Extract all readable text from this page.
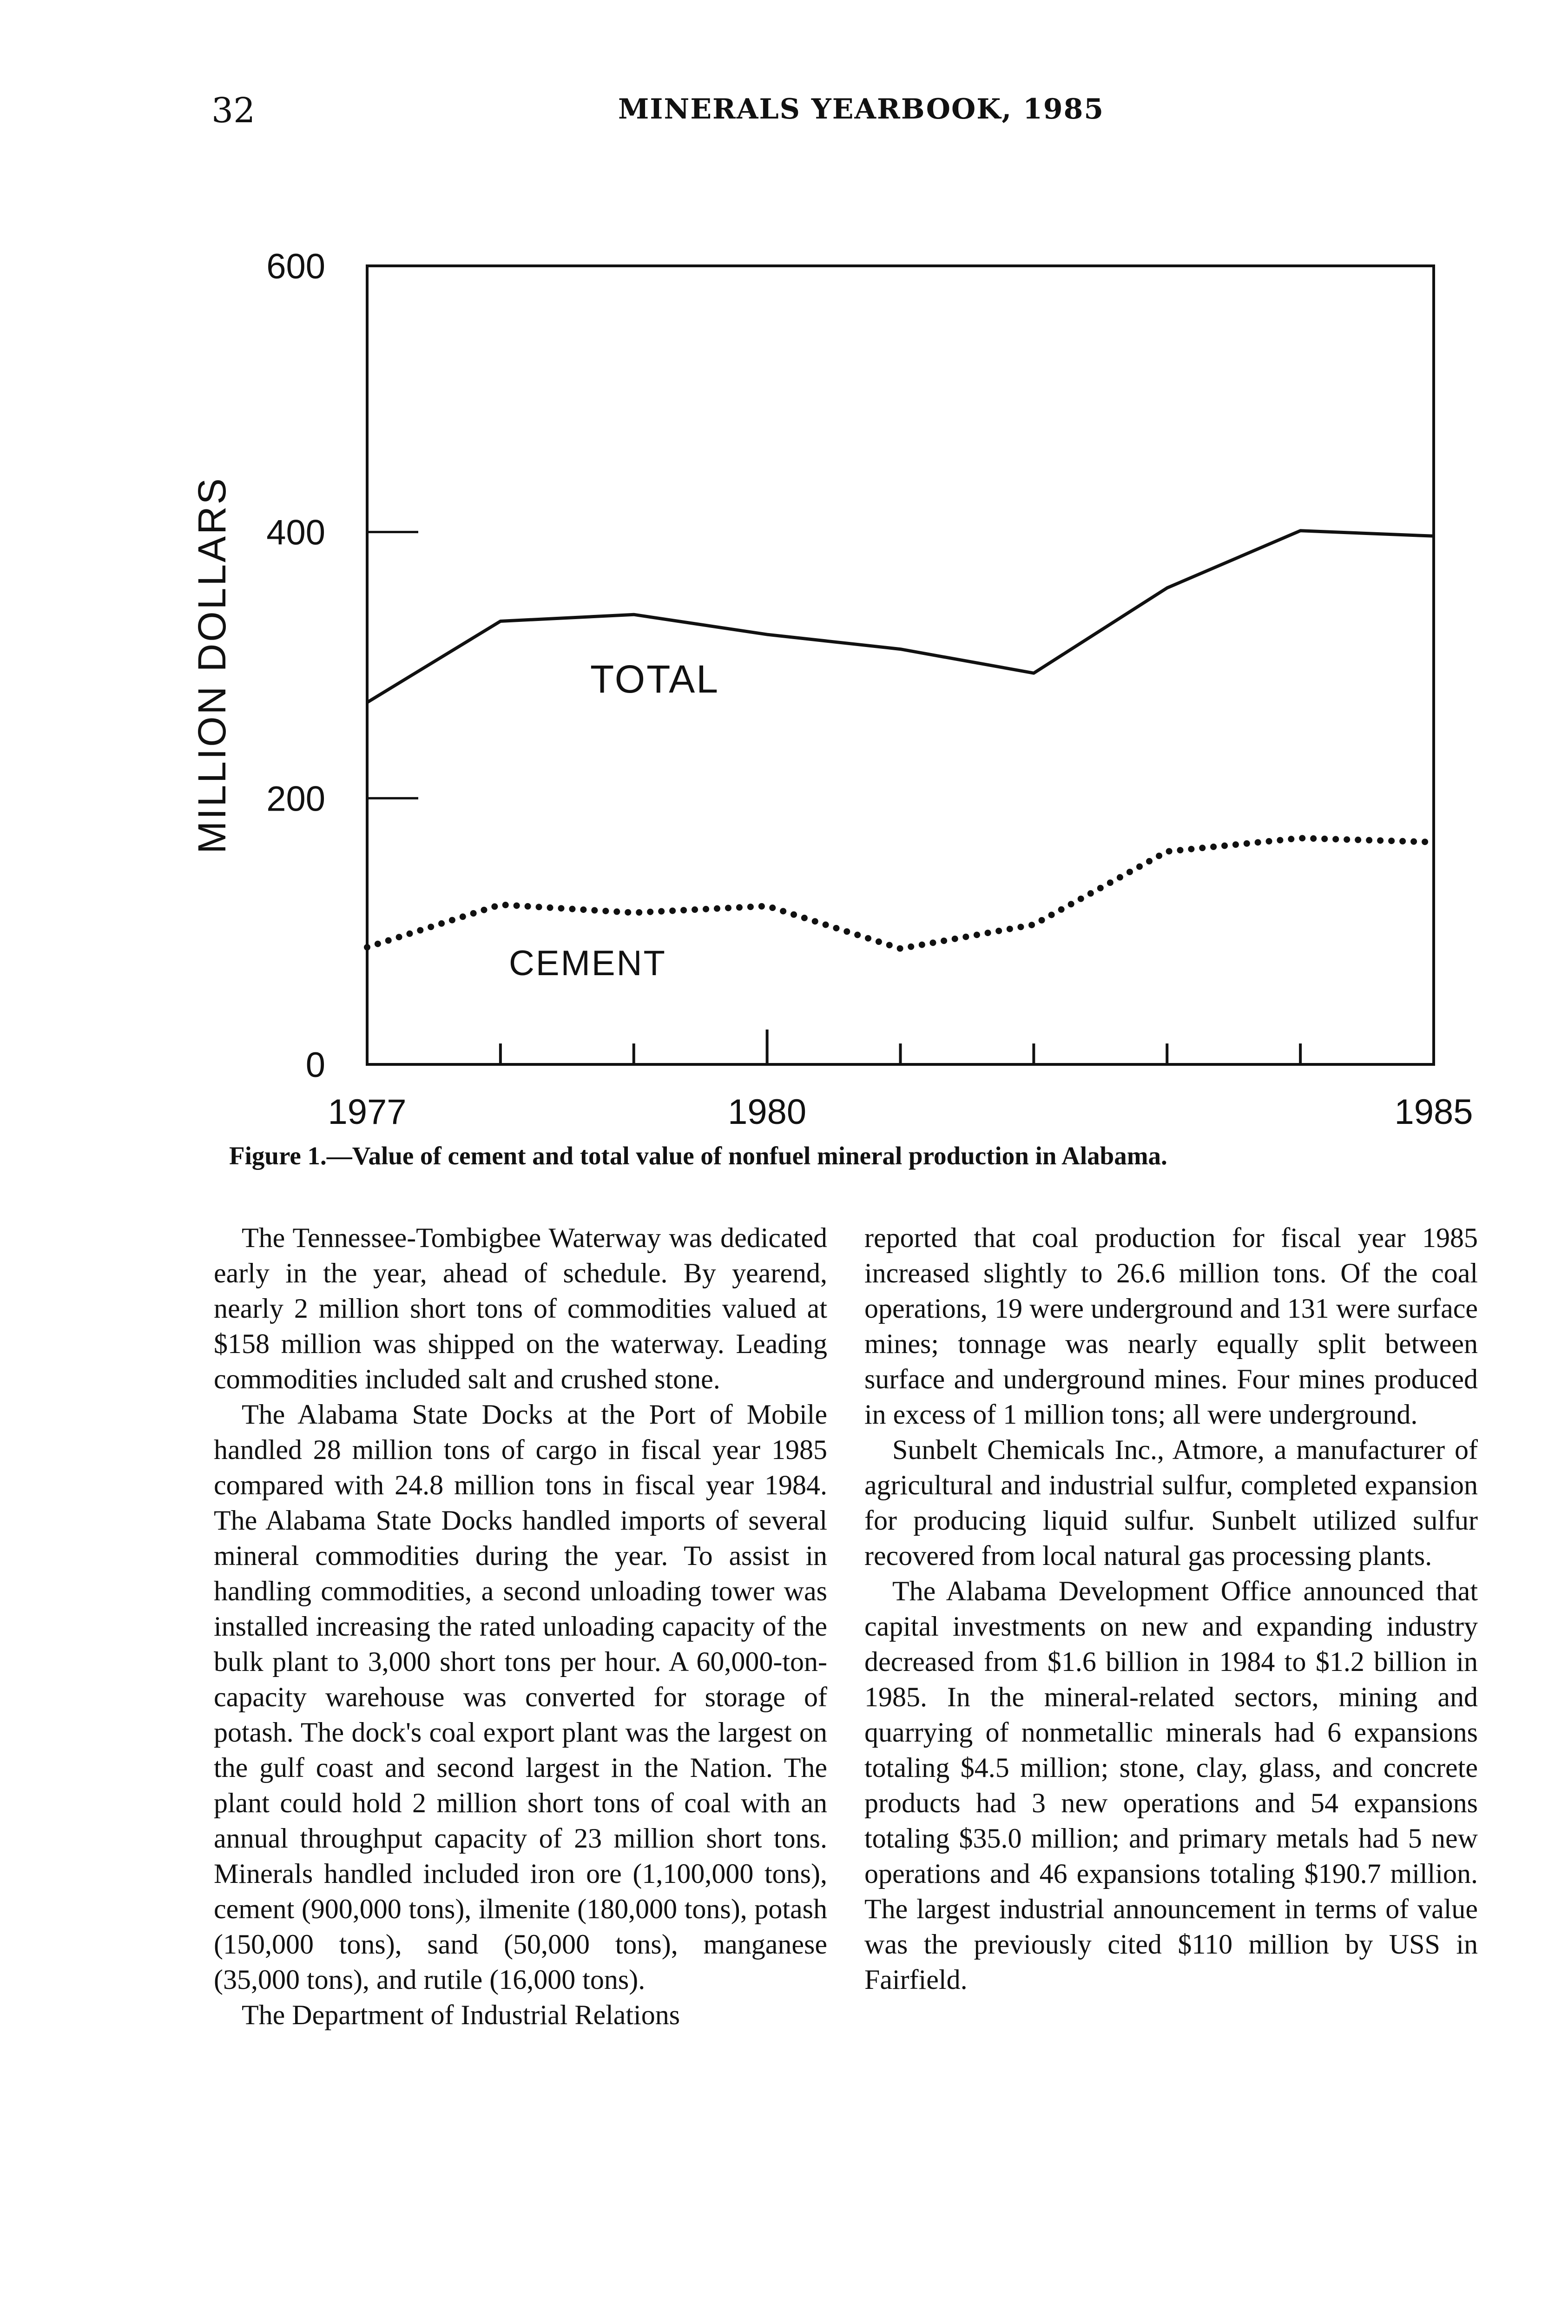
32	MINERALS YEARBOOK, 1985
0
200
400
600
1977	1980	1985
MILLION DOLLARS	TOTAL
CEMENT
Figure 1.—Value of cement and total value of nonfuel mineral production in Alabama.

The Tennessee-Tombigbee Waterway was dedicated early in the year, ahead of schedule. By yearend, nearly 2 million short tons of commodities valued at $158 million was shipped on the waterway. Leading commodities included salt and crushed stone.

The Alabama State Docks at the Port of Mobile handled 28 million tons of cargo in fiscal year 1985 compared with 24.8 million tons in fiscal year 1984. The Alabama State Docks handled imports of several mineral commodities during the year. To assist in handling commodities, a second unloading tower was installed increasing the rated unloading capacity of the bulk plant to 3,000 short tons per hour. A 60,000-ton-capacity warehouse was converted for storage of potash. The dock's coal export plant was the largest on the gulf coast and second largest in the Nation. The plant could hold 2 million short tons of coal with an annual throughput capacity of 23 million short tons. Minerals handled included iron ore (1,100,000 tons), cement (900,000 tons), ilmenite (180,000 tons), potash (150,000 tons), sand (50,000 tons), manganese (35,000 tons), and rutile (16,000 tons).

The Department of Industrial Relations

reported that coal production for fiscal year 1985 increased slightly to 26.6 million tons. Of the coal operations, 19 were underground and 131 were surface mines; tonnage was nearly equally split between surface and underground mines. Four mines produced in excess of 1 million tons; all were underground.

Sunbelt Chemicals Inc., Atmore, a manufacturer of agricultural and industrial sulfur, completed expansion for producing liquid sulfur. Sunbelt utilized sulfur recovered from local natural gas processing plants.

The Alabama Development Office announced that capital investments on new and expanding industry decreased from $1.6 billion in 1984 to $1.2 billion in 1985. In the mineral-related sectors, mining and quarrying of nonmetallic minerals had 6 expansions totaling $4.5 million; stone, clay, glass, and concrete products had 3 new operations and 54 expansions totaling $35.0 million; and primary metals had 5 new operations and 46 expansions totaling $190.7 million. The largest industrial announcement in terms of value was the previously cited $110 million by USS in Fairfield.
